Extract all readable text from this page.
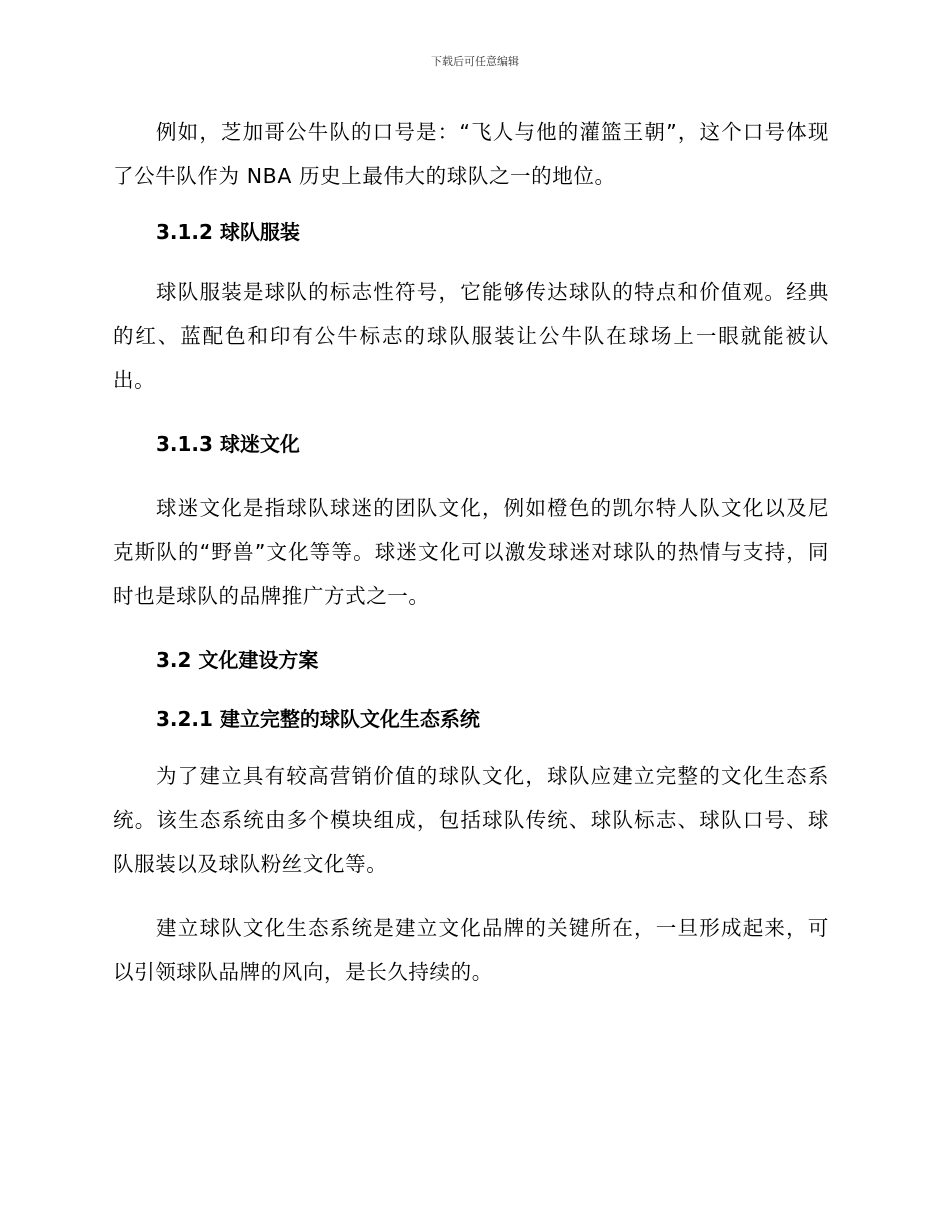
下载后可任意编辑

例如，芝加哥公牛队的口号是：“飞人与他的灌篮王朝”，这个口号体现了公牛队作为 NBA 历史上最伟大的球队之一的地位。

3.1.2 球队服装

球队服装是球队的标志性符号，它能够传达球队的特点和价值观。经典的红、蓝配色和印有公牛标志的球队服装让公牛队在球场上一眼就能被认出。

3.1.3 球迷文化

球迷文化是指球队球迷的团队文化，例如橙色的凯尔特人队文化以及尼克斯队的“野兽”文化等等。球迷文化可以激发球迷对球队的热情与支持，同时也是球队的品牌推广方式之一。

3.2 文化建设方案
3.2.1 建立完整的球队文化生态系统

为了建立具有较高营销价值的球队文化，球队应建立完整的文化生态系统。该生态系统由多个模块组成，包括球队传统、球队标志、球队口号、球队服装以及球队粉丝文化等。

建立球队文化生态系统是建立文化品牌的关键所在，一旦形成起来，可以引领球队品牌的风向，是长久持续的。
